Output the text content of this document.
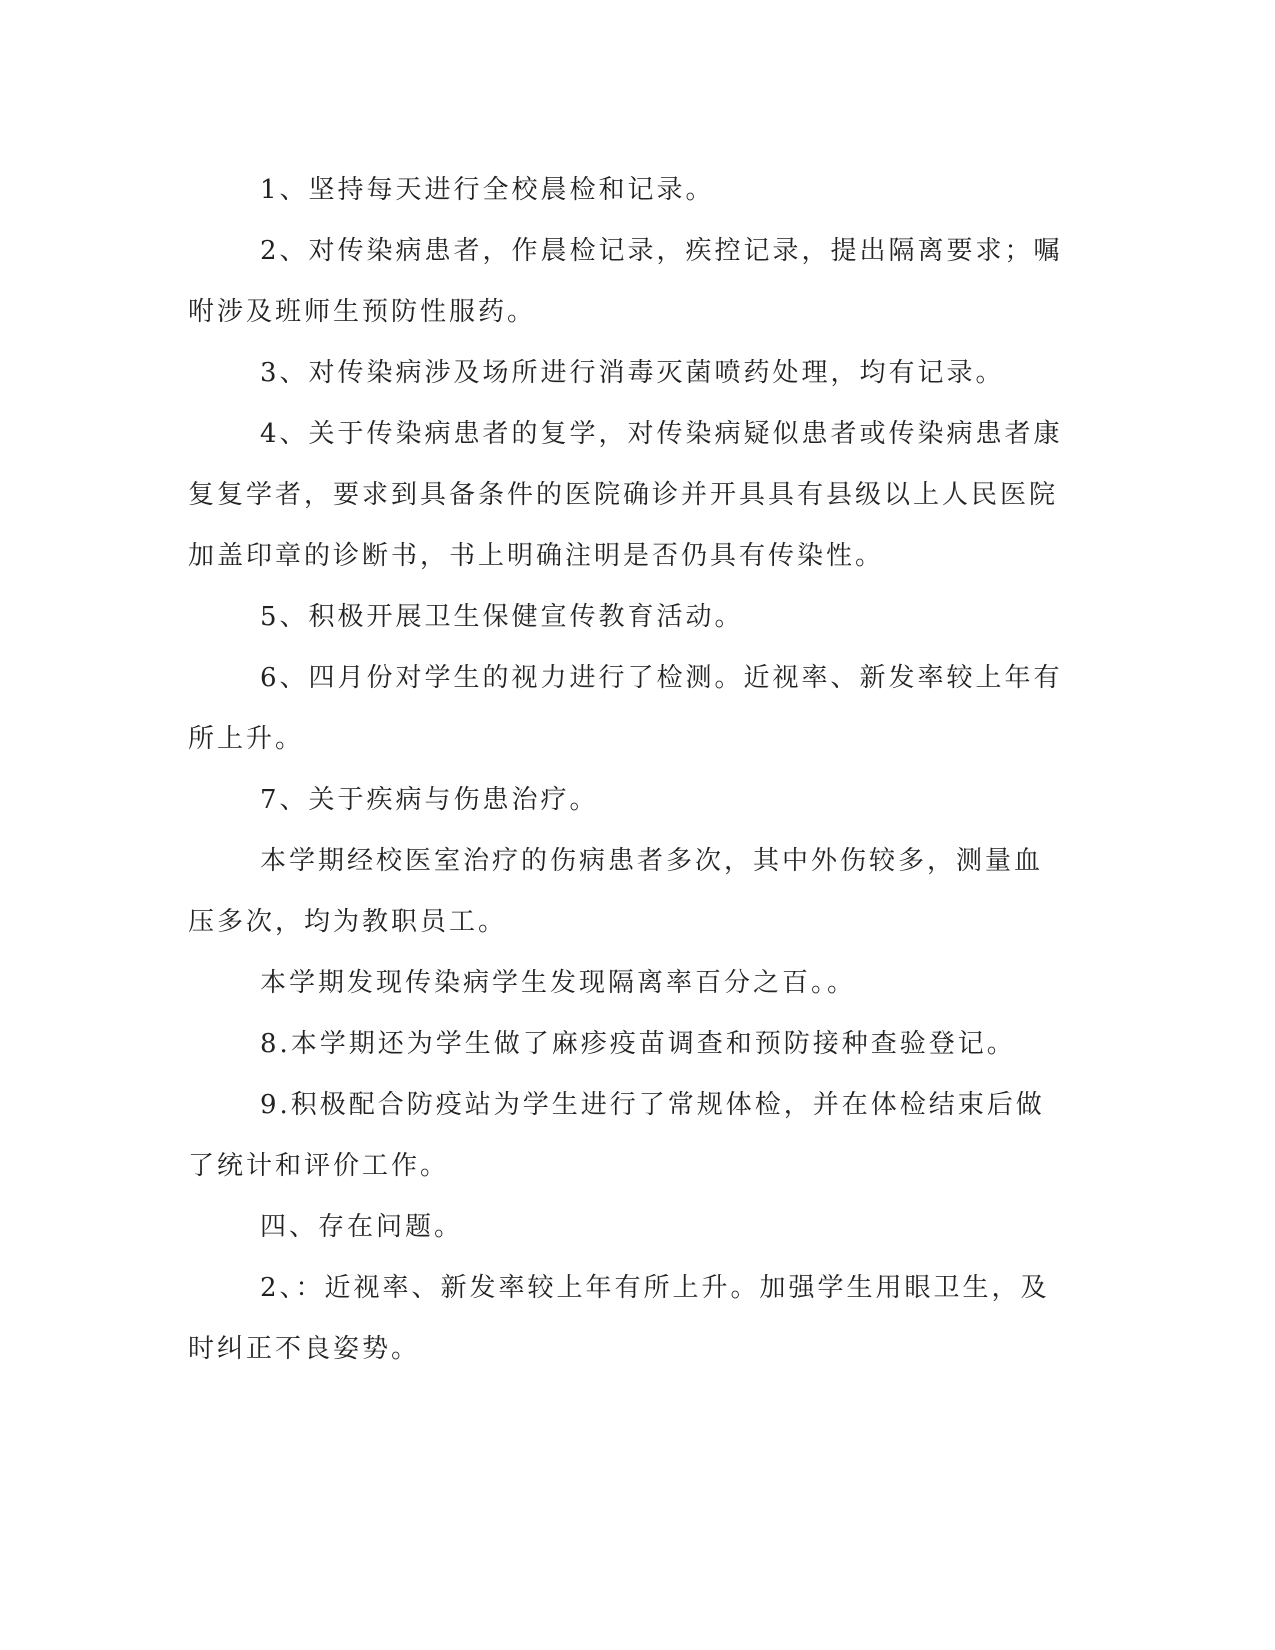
1、坚持每天进行全校晨检和记录。

2、对传染病患者，作晨检记录，疾控记录，提出隔离要求；嘱咐涉及班师生预防性服药。

3、对传染病涉及场所进行消毒灭菌喷药处理，均有记录。

4、关于传染病患者的复学，对传染病疑似患者或传染病患者康复复学者，要求到具备条件的医院确诊并开具具有县级以上人民医院加盖印章的诊断书，书上明确注明是否仍具有传染性。

5、积极开展卫生保健宣传教育活动。

6、四月份对学生的视力进行了检测。近视率、新发率较上年有所上升。

7、关于疾病与伤患治疗。

本学期经校医室治疗的伤病患者多次，其中外伤较多，测量血压多次，均为教职员工。

本学期发现传染病学生发现隔离率百分之百。。

8.本学期还为学生做了麻疹疫苗调查和预防接种查验登记。

9.积极配合防疫站为学生进行了常规体检，并在体检结束后做了统计和评价工作。

四、存在问题。

2、：近视率、新发率较上年有所上升。加强学生用眼卫生，及时纠正不良姿势。
